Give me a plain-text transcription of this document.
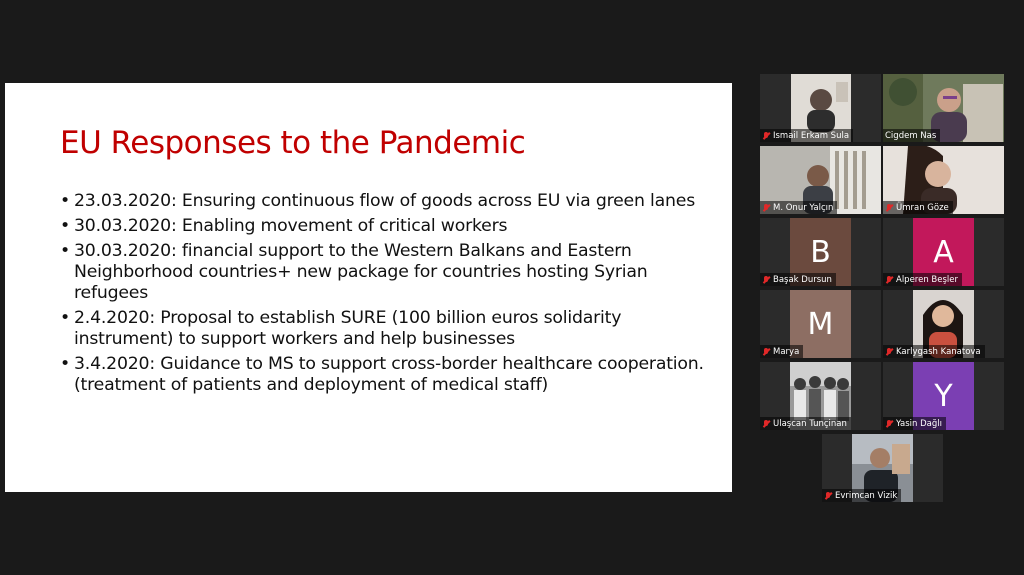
EU Responses to the Pandemic
• 23.03.2020: Ensuring continuous flow of goods across EU via green lanes
• 30.03.2020: Enabling movement of critical workers
• 30.03.2020: financial support to the Western Balkans and Eastern Neighborhood countries+ new package for countries hosting Syrian refugees
• 2.4.2020: Proposal to establish SURE (100 billion euros solidarity instrument) to support workers and help businesses
• 3.4.2020: Guidance to MS to support cross-border healthcare cooperation. (treatment of patients and deployment of medical staff)
Ismail Erkam Sula	Cigdem Nas
M. Onur Yalçın	Ümran Göze
B
Başak Dursun
A
Alperen Beşler
M
Marya	Karlygash Kanatova
Ulaşcan Tunçinan
Y
Yasin Dağlı
Evrimcan Vizik
